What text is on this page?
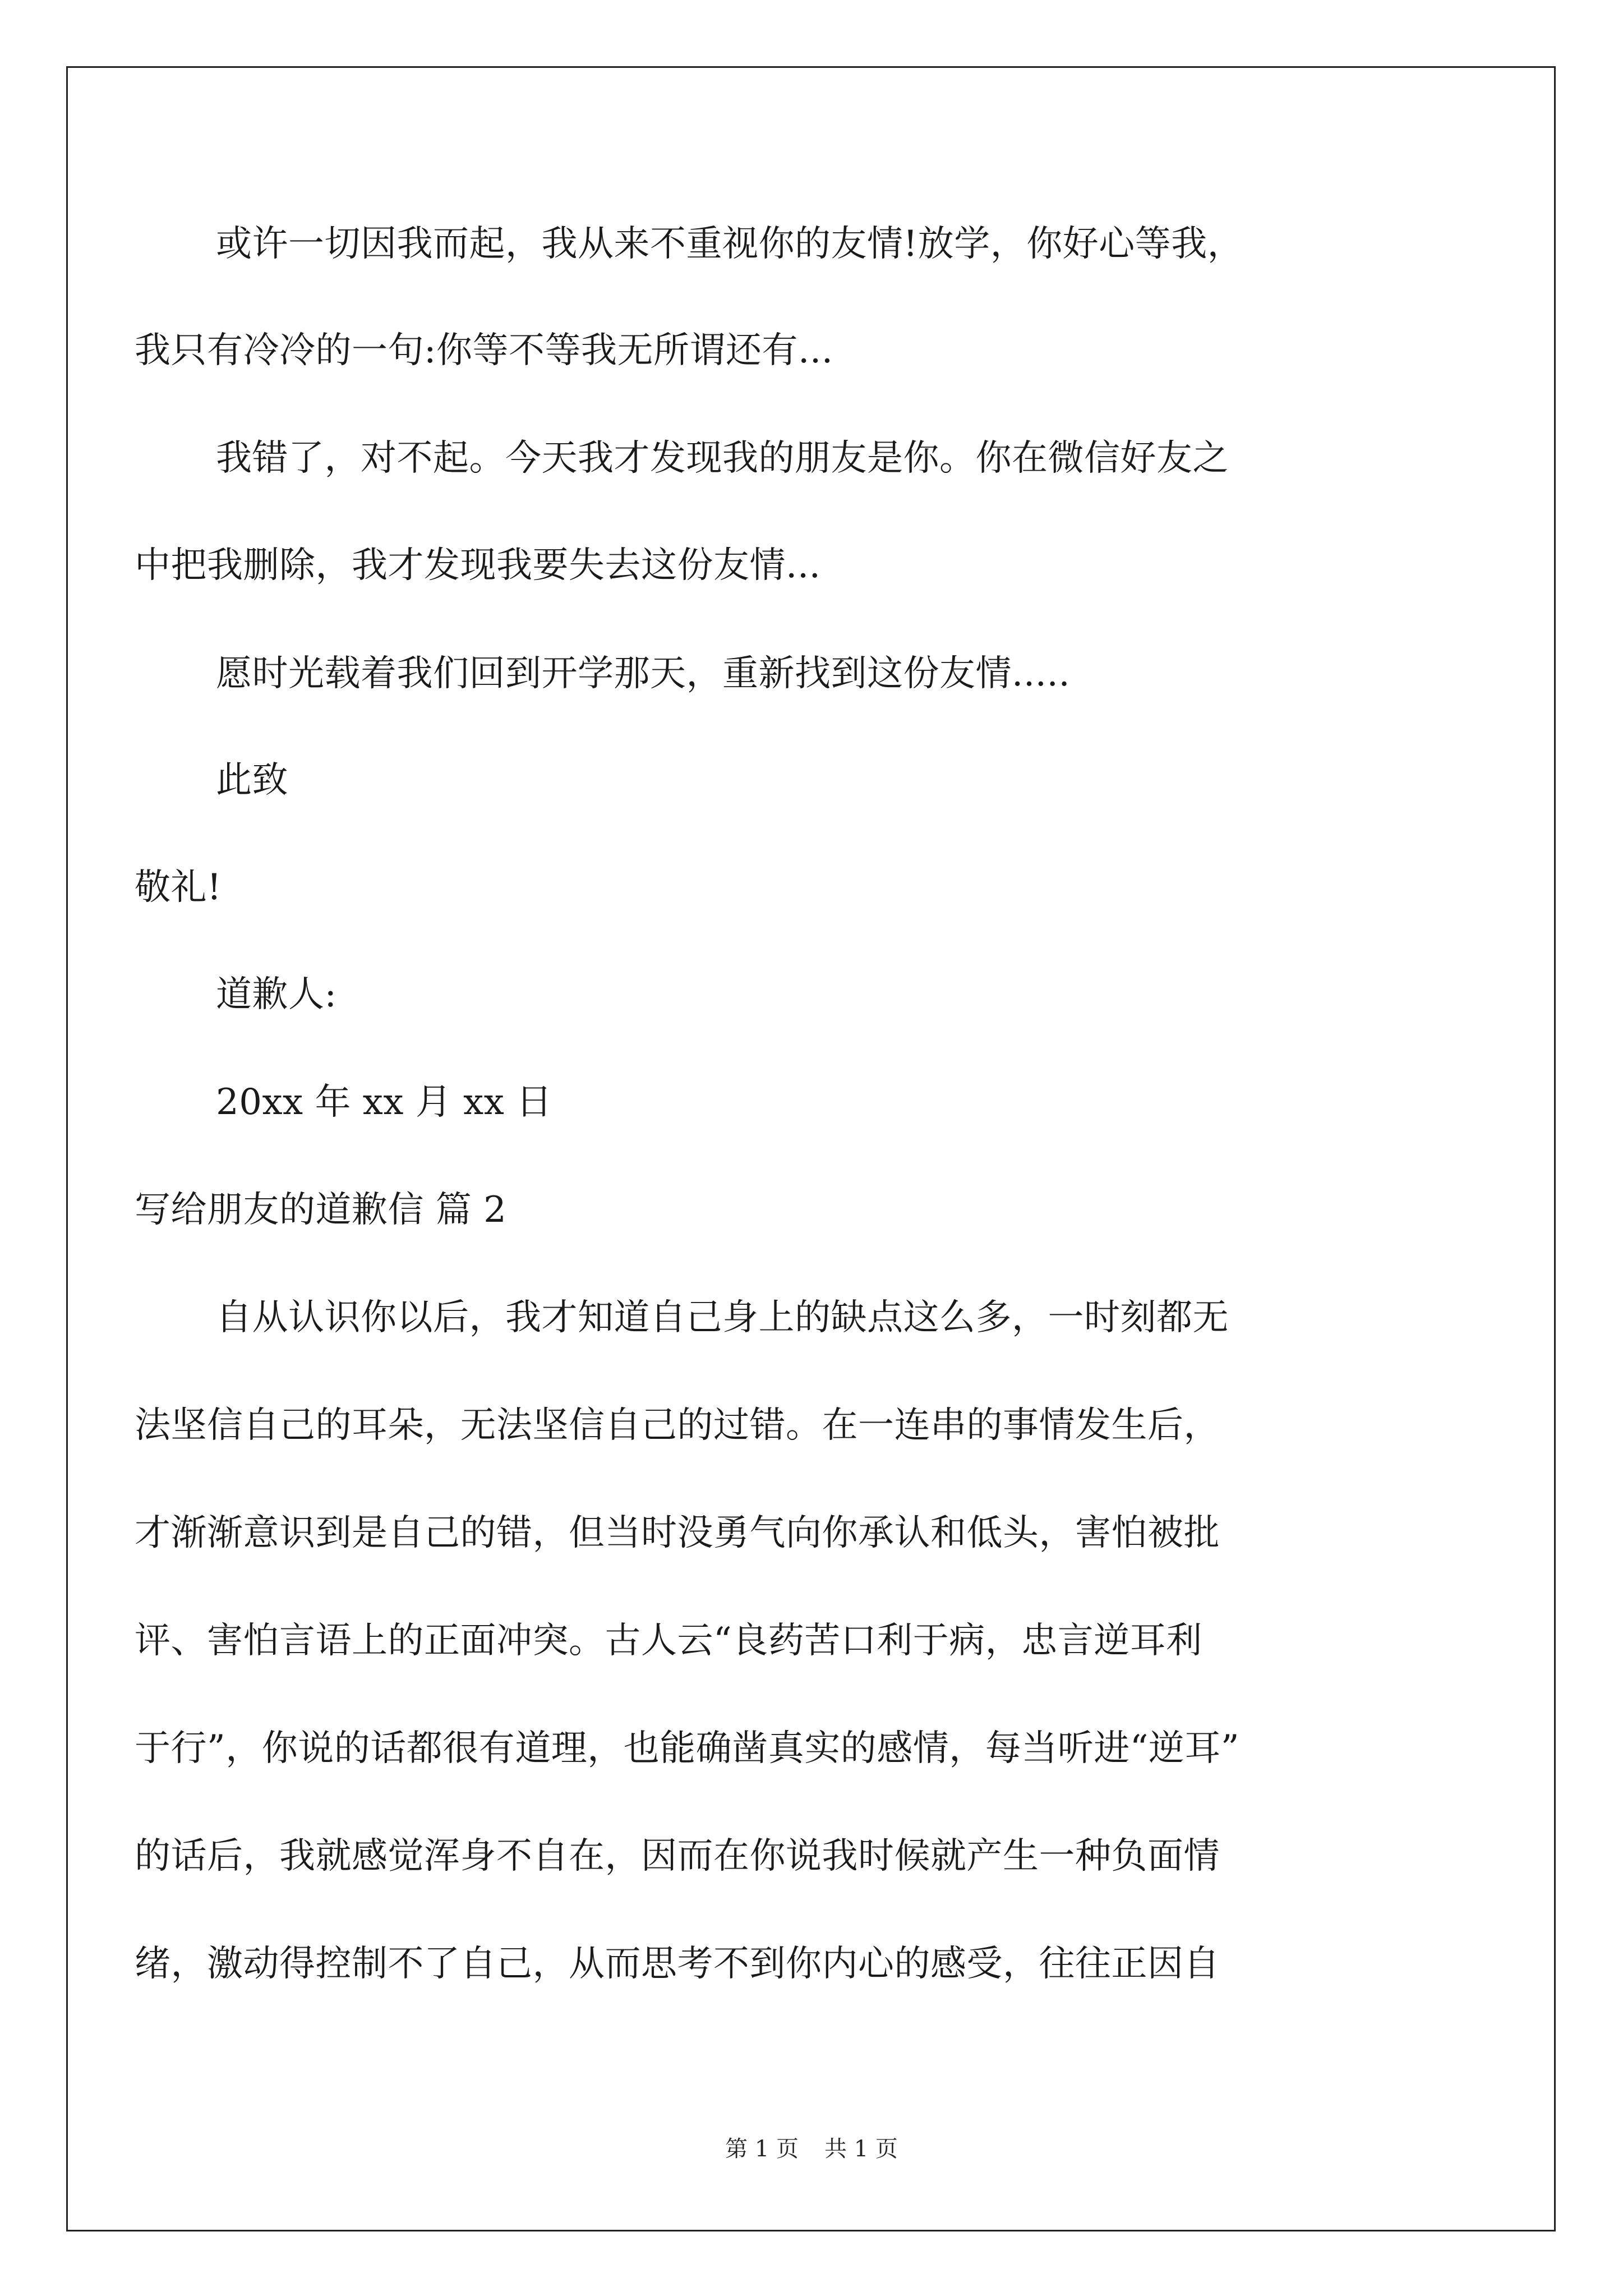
或许一切因我而起，我从来不重视你的友情!放学，你好心等我，
我只有冷冷的一句:你等不等我无所谓还有...
我错了，对不起。今天我才发现我的朋友是你。你在微信好友之
中把我删除，我才发现我要失去这份友情...
愿时光载着我们回到开学那天，重新找到这份友情.....
此致
敬礼!
道歉人:
20xx 年 xx 月 xx 日
写给朋友的道歉信 篇 2
自从认识你以后，我才知道自己身上的缺点这么多，一时刻都无
法坚信自己的耳朵，无法坚信自己的过错。在一连串的事情发生后，
才渐渐意识到是自己的错，但当时没勇气向你承认和低头，害怕被批
评、害怕言语上的正面冲突。古人云“良药苦口利于病，忠言逆耳利
于行”，你说的话都很有道理，也能确凿真实的感情，每当听进“逆耳”
的话后，我就感觉浑身不自在，因而在你说我时候就产生一种负面情
绪，激动得控制不了自己，从而思考不到你内心的感受，往往正因自
第 1 页 共 1 页
